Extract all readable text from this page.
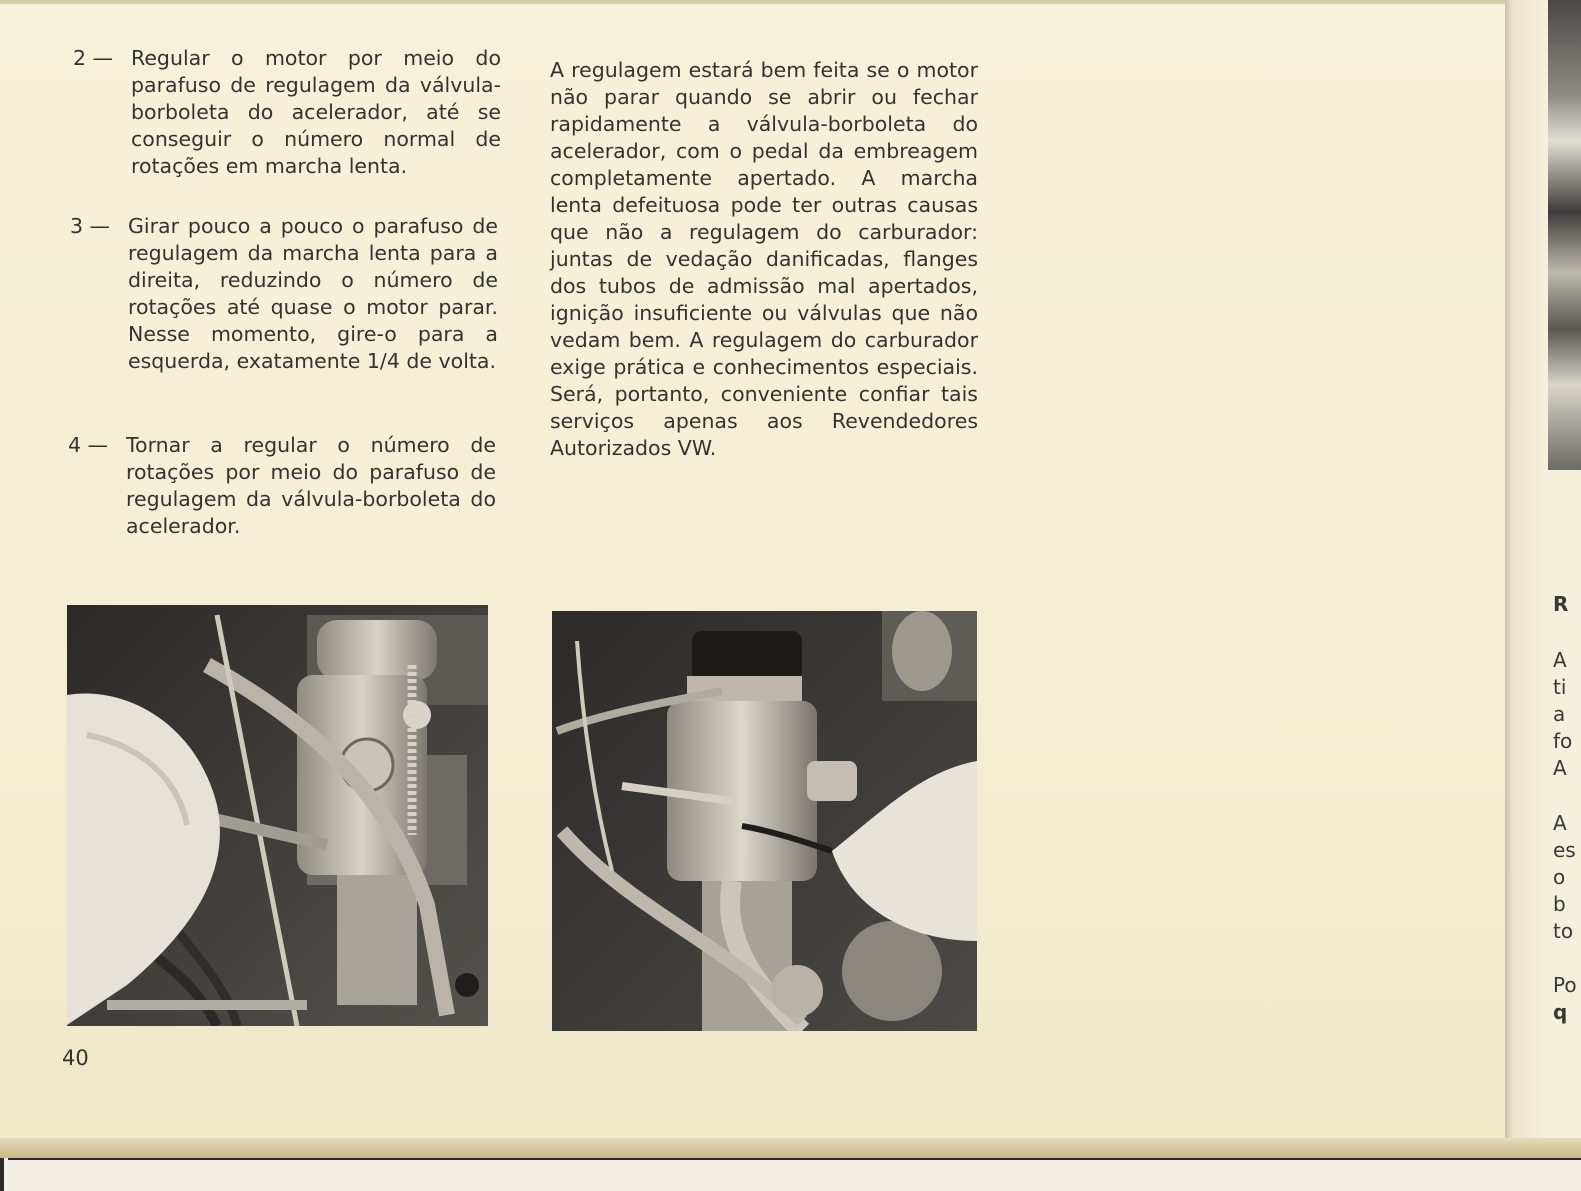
2 — Regular o motor por meio do parafuso de regulagem da válvula-borboleta do acelerador, até se conseguir o número normal de rotações em marcha lenta.
3 — Girar pouco a pouco o parafuso de regulagem da marcha lenta para a direita, reduzindo o número de rotações até quase o motor parar. Nesse momento, gire-o para a esquerda, exatamente 1/4 de volta.
4 — Tornar a regular o número de rotações por meio do parafuso de regulagem da válvula-borboleta do acelerador.
A regulagem estará bem feita se o motor não parar quando se abrir ou fechar rapidamente a válvula-borboleta do acelerador, com o pedal da embreagem completamente apertado. A marcha lenta defeituosa pode ter outras causas que não a regulagem do carburador: juntas de vedação danificadas, flanges dos tubos de admissão mal apertados, ignição insuficiente ou válvulas que não vedam bem. A regulagem do carburador exige prática e conhecimentos especiais. Será, portanto, conveniente confiar tais serviços apenas aos Revendedores Autorizados VW.
40
R
A
ti
a
fo
A
A
es
o
b
to
Po
q
